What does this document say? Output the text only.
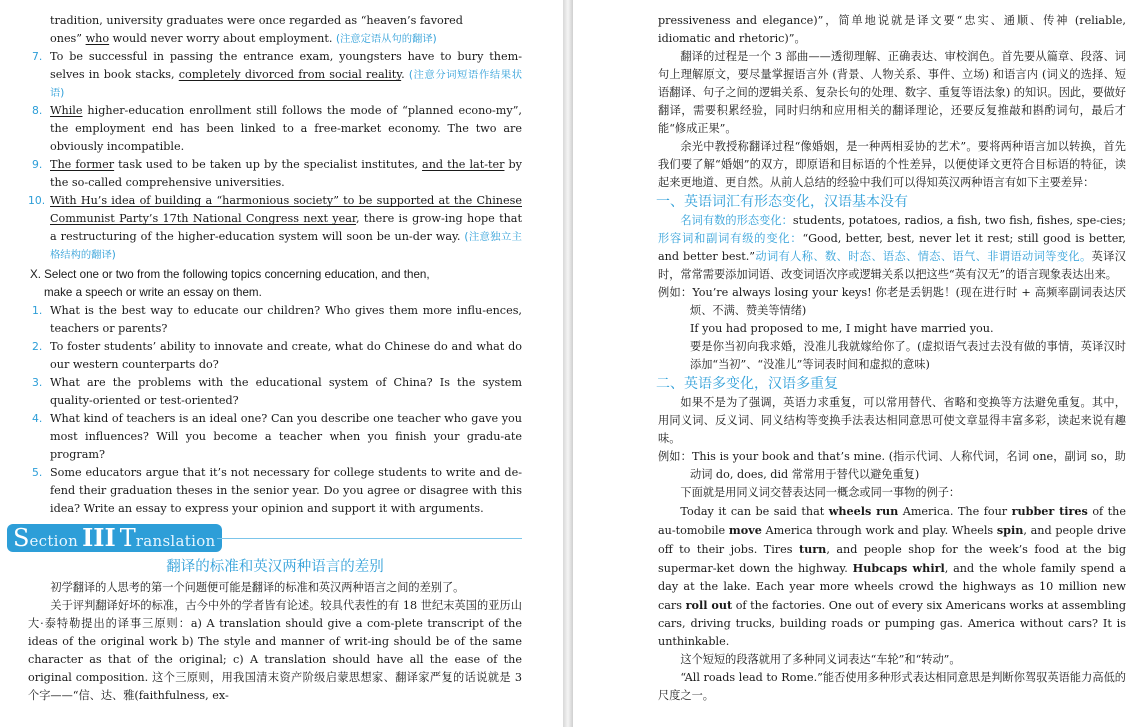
tradition, university graduates were once regarded as “heaven’s favored
ones” who would never worry about employment. (注意定语从句的翻译)

7. To be successful in passing the entrance exam, youngsters have to bury them-selves in book stacks, completely divorced from social reality. (注意分词短语作结果状语)
8. While higher-education enrollment still follows the mode of “planned econo-my”, the employment end has been linked to a free-market economy. The two are obviously incompatible.
9. The former task used to be taken up by the specialist institutes, and the lat-ter by the so-called comprehensive universities.
10. With Hu’s idea of building a “harmonious society” to be supported at the Chinese Communist Party’s 17th National Congress next year, there is grow-ing hope that a restructuring of the higher-education system will soon be un-der way. (注意独立主格结构的翻译)

X. Select one or two from the following topics concerning education, and then,
make a speech or write an essay on them.

1. What is the best way to educate our children? Who gives them more influ-ences, teachers or parents?
2. To foster students’ ability to innovate and create, what do Chinese do and what do our western counterparts do?
3. What are the problems with the educational system of China? Is the system quality-oriented or test-oriented?
4. What kind of teachers is an ideal one? Can you describe one teacher who gave you most influences? Will you become a teacher when you finish your gradu-ate program?
5. Some educators argue that it’s not necessary for college students to write and de-fend their graduation theses in the senior year. Do you agree or disagree with this idea? Write an essay to express your opinion and support it with arguments.
Section III Translation
翻译的标准和英汉两种语言的差别

初学翻译的人思考的第一个问题便可能是翻译的标准和英汉两种语言之间的差别了。

关于评判翻译好坏的标准，古今中外的学者皆有论述。较具代表性的有 18 世纪末英国的亚历山大·泰特勒提出的译事三原则：a) A translation should give a com-plete transcript of the ideas of the original work b) The style and manner of writ-ing should be of the same character as that of the original; c) A translation should have all the ease of the original composition. 这个三原则，用我国清末资产阶级启蒙思想家、翻译家严复的话说就是 3 个字——“信、达、雅(faithfulness, ex-

pressiveness and elegance)”，简单地说就是译文要“忠实、通顺、传神 (reliable, idiomatic and rhetoric)”。

翻译的过程是一个 3 部曲——透彻理解、正确表达、审校润色。首先要从篇章、段落、词句上理解原文，要尽量掌握语言外 (背景、人物关系、事件、立场) 和语言内 (词义的选择、短语翻译、句子之间的逻辑关系、复杂长句的处理、数字、重复等语法象) 的知识。因此，要做好翻译，需要积累经验，同时归纳和应用相关的翻译理论，还要反复推敲和斟酌词句，最后才能“修成正果”。

余光中教授称翻译过程“像婚姻，是一种两相妥协的艺术”。要将两种语言加以转换，首先我们要了解“婚姻”的双方，即原语和目标语的个性差异，以便使译文更符合目标语的特征，读起来更地道、更自然。从前人总结的经验中我们可以得知英汉两种语言有如下主要差异：

一、英语词汇有形态变化，汉语基本没有

名词有数的形态变化：students, potatoes, radios, a fish, two fish, fishes, spe-cies; 形容词和副词有级的变化：“Good, better, best, never let it rest; still good is better, and better best.”动词有人称、数、时态、语态、情态、语气、非谓语动词等变化。英译汉时，常常需要添加词语、改变词语次序或逻辑关系以把这些“英有汉无”的语言现象表达出来。

例如：You’re always losing your keys! 你老是丢钥匙！(现在进行时 + 高频率副词表达厌烦、不满、赞美等情绪)

If you had proposed to me, I might have married you.

要是你当初向我求婚，没准儿我就嫁给你了。(虚拟语气表过去没有做的事情，英译汉时添加“当初”、“没准儿”等词表时间和虚拟的意味)

二、英语多变化，汉语多重复

如果不是为了强调，英语力求重复，可以常用替代、省略和变换等方法避免重复。其中，用同义词、反义词、同义结构等变换手法表达相同意思可使文章显得丰富多彩，读起来说有趣味。

例如：This is your book and that’s mine. (指示代词、人称代词，名词 one，副词 so，助动词 do, does, did 常常用于替代以避免重复)

下面就是用同义词交替表达同一概念或同一事物的例子：

Today it can be said that wheels run America. The four rubber tires of the au-tomobile move America through work and play. Wheels spin, and people drive off to their jobs. Tires turn, and people shop for the week’s food at the big supermar-ket down the highway. Hubcaps whirl, and the whole family spend a day at the lake. Each year more wheels crowd the highways as 10 million new cars roll out of the factories. One out of every six Americans works at assembling cars, driving trucks, building roads or pumping gas. America without cars? It is unthinkable.

这个短短的段落就用了多种同义词表达“车轮”和“转动”。

“All roads lead to Rome.”能否使用多种形式表达相同意思是判断你驾驭英语能力高低的尺度之一。
